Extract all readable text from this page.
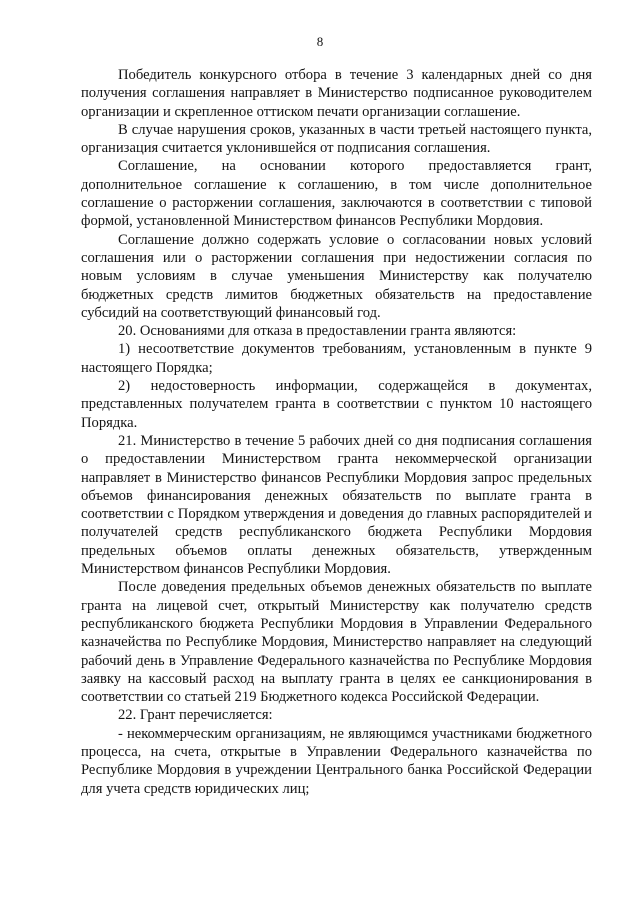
8

Победитель конкурсного отбора в течение 3 календарных дней со дня получения соглашения направляет в Министерство подписанное руководителем организации и скрепленное оттиском печати организации соглашение.

В случае нарушения сроков, указанных в части третьей настоящего пункта, организация считается уклонившейся от подписания соглашения.

Соглашение, на основании которого предоставляется грант, дополнительное соглашение к соглашению, в том числе дополнительное соглашение о расторжении соглашения, заключаются в соответствии с типовой формой, установленной Министерством финансов Республики Мордовия.

Соглашение должно содержать условие о согласовании новых условий соглашения или о расторжении соглашения при недостижении согласия по новым условиям в случае уменьшения Министерству как получателю бюджетных средств лимитов бюджетных обязательств на предоставление субсидий на соответствующий финансовый год.

20. Основаниями для отказа в предоставлении гранта являются:

1) несоответствие документов требованиям, установленным в пункте 9 настоящего Порядка;

2) недостоверность информации, содержащейся в документах, представленных получателем гранта в соответствии с пунктом 10 настоящего Порядка.

21. Министерство в течение 5 рабочих дней со дня подписания соглашения о предоставлении Министерством гранта некоммерческой организации направляет в Министерство финансов Республики Мордовия запрос предельных объемов финансирования денежных обязательств по выплате гранта в соответствии с Порядком утверждения и доведения до главных распорядителей и получателей средств республиканского бюджета Республики Мордовия предельных объемов оплаты денежных обязательств, утвержденным Министерством финансов Республики Мордовия.

После доведения предельных объемов денежных обязательств по выплате гранта на лицевой счет, открытый Министерству как получателю средств республиканского бюджета Республики Мордовия в Управлении Федерального казначейства по Республике Мордовия, Министерство направляет на следующий рабочий день в Управление Федерального казначейства по Республике Мордовия заявку на кассовый расход на выплату гранта в целях ее санкционирования в соответствии со статьей 219 Бюджетного кодекса Российской Федерации.

22. Грант перечисляется:

- некоммерческим организациям, не являющимся участниками бюджетного процесса, на счета, открытые в Управлении Федерального казначейства по Республике Мордовия в учреждении Центрального банка Российской Федерации для учета средств юридических лиц;
